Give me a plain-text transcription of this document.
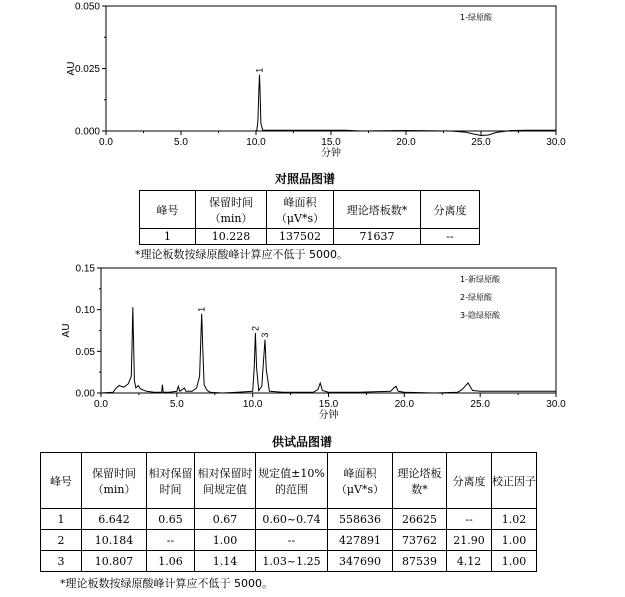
0.0	5.0	10.0	15.0	20.0	25.0	30.0
0.000
0.025
0.050
分钟
AU	1
1-绿原酸
对照品图谱
峰号	保留时间（min）	峰面积（μV*s）	理论塔板数*	分离度
1	10.228	137502	71637	--
*理论板数按绿原酸峰计算应不低于 5000。
0.0	5.0	10.0	15.0	20.0	25.0	30.0
0.00
0.05
0.10
0.15
分钟
AU
1
2
3
1-新绿原酸
2-绿原酸
3-隐绿原酸
供试品图谱
峰号	保留时间（min）	相对保留时间	相对保留时间规定值	规定值±10%的范围	峰面积（μV*s）	理论塔板数*	分离度	校正因子
1	6.642	0.65	0.67	0.60~0.74	558636	26625	--	1.02
2	10.184	--	1.00	--	427891	73762	21.90	1.00
3	10.807	1.06	1.14	1.03~1.25	347690	87539	4.12	1.00
*理论板数按绿原酸峰计算应不低于 5000。
